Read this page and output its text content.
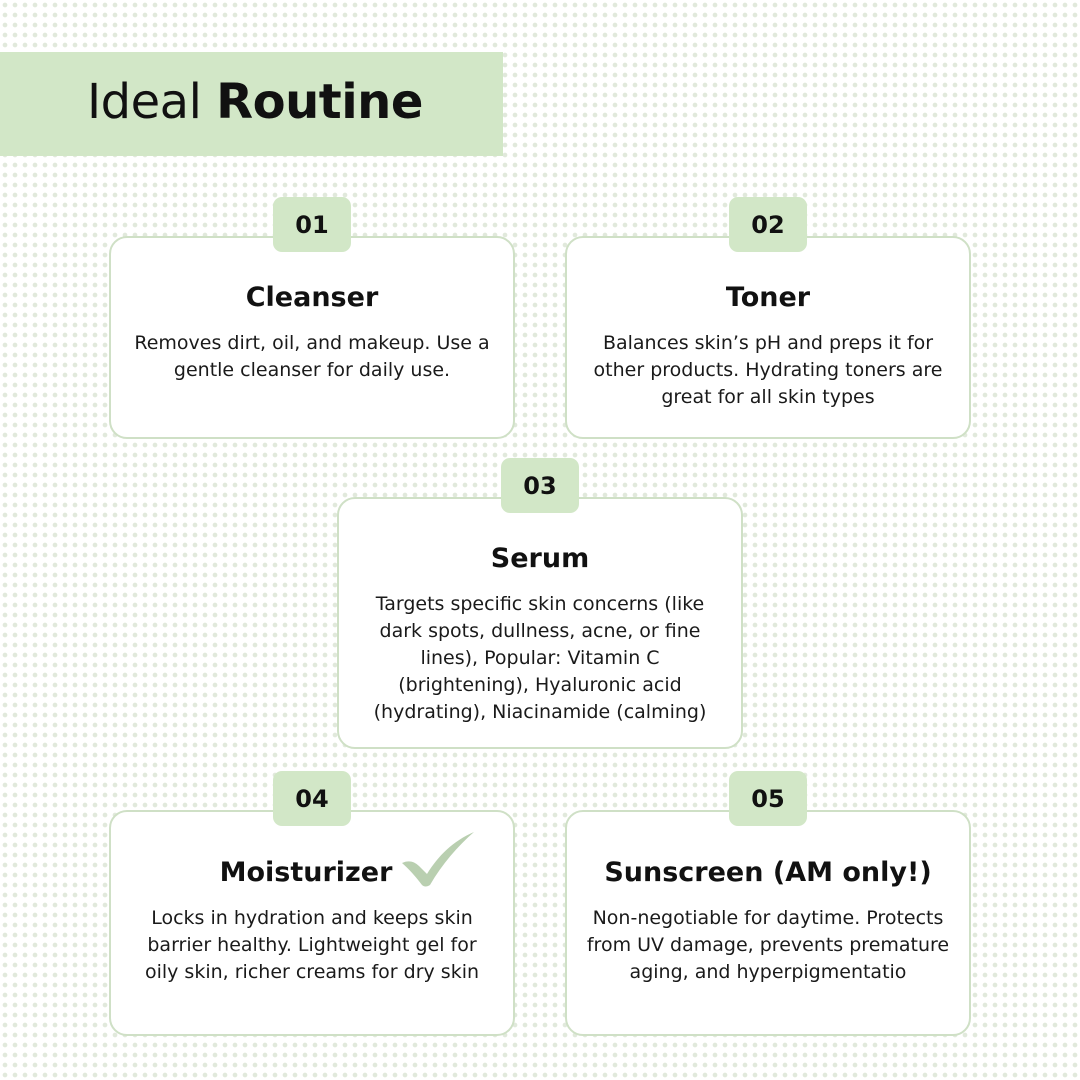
Ideal Routine
01
Cleanser

Removes dirt, oil, and makeup. Use a gentle cleanser for daily use.

02
Toner

Balances skin’s pH and preps it for other products. Hydrating toners are great for all skin types

03
Serum

Targets specific skin concerns (like dark spots, dullness, acne, or fine lines), Popular: Vitamin C (brightening), Hyaluronic acid (hydrating), Niacinamide (calming)

04
Moisturizer

Locks in hydration and keeps skin barrier healthy. Lightweight gel for oily skin, richer creams for dry skin

05
Sunscreen (AM only!)

Non-negotiable for daytime. Protects from UV damage, prevents premature aging, and hyperpigmentatio
